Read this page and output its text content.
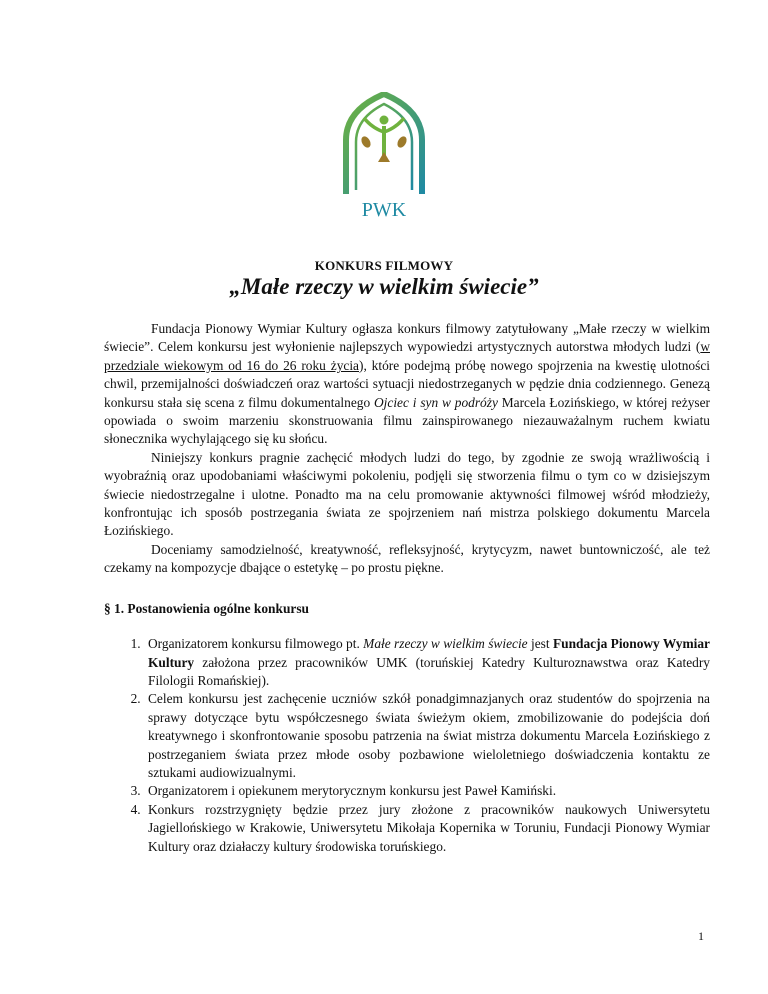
PWK
KONKURS FILMOWY
„Małe rzeczy w wielkim świecie”

Fundacja Pionowy Wymiar Kultury ogłasza konkurs filmowy zatytułowany „Małe rzeczy w wielkim świecie”. Celem konkursu jest wyłonienie najlepszych wypowiedzi artystycznych autorstwa młodych ludzi (w przedziale wiekowym od 16 do 26 roku życia), które podejmą próbę nowego spojrzenia na kwestię ulotności chwil, przemijalności doświadczeń oraz wartości sytuacji niedostrzeganych w pędzie dnia codziennego. Genezą konkursu stała się scena z filmu dokumentalnego Ojciec i syn w podróży Marcela Łozińskiego, w której reżyser opowiada o swoim marzeniu skonstruowania filmu zainspirowanego niezauważalnym ruchem kwiatu słonecznika wychylającego się ku słońcu.

Niniejszy konkurs pragnie zachęcić młodych ludzi do tego, by zgodnie ze swoją wrażliwością i wyobraźnią oraz upodobaniami właściwymi pokoleniu, podjęli się stworzenia filmu o tym co w dzisiejszym świecie niedostrzegalne i ulotne. Ponadto ma na celu promowanie aktywności filmowej wśród młodzieży, konfrontując ich sposób postrzegania świata ze spojrzeniem nań mistrza polskiego dokumentu Marcela Łozińskiego.

Doceniamy samodzielność, kreatywność, refleksyjność, krytycyzm, nawet buntowniczość, ale też czekamy na kompozycje dbające o estetykę – po prostu piękne.

§ 1. Postanowienia ogólne konkursu

1. Organizatorem konkursu filmowego pt. Małe rzeczy w wielkim świecie jest Fundacja Pionowy Wymiar Kultury założona przez pracowników UMK (toruńskiej Katedry Kulturoznawstwa oraz Katedry Filologii Romańskiej).
2. Celem konkursu jest zachęcenie uczniów szkół ponadgimnazjanych oraz studentów do spojrzenia na sprawy dotyczące bytu współczesnego świata świeżym okiem, zmobilizowanie do podejścia doń kreatywnego i skonfrontowanie sposobu patrzenia na świat mistrza dokumentu Marcela Łozińskiego z postrzeganiem świata przez młode osoby pozbawione wieloletniego doświadczenia kontaktu ze sztukami audiowizualnymi.
3. Organizatorem i opiekunem merytorycznym konkursu jest Paweł Kamiński.
4. Konkurs rozstrzygnięty będzie przez jury złożone z pracowników naukowych Uniwersytetu Jagiellońskiego w Krakowie, Uniwersytetu Mikołaja Kopernika w Toruniu, Fundacji Pionowy Wymiar Kultury oraz działaczy kultury środowiska toruńskiego.
1
